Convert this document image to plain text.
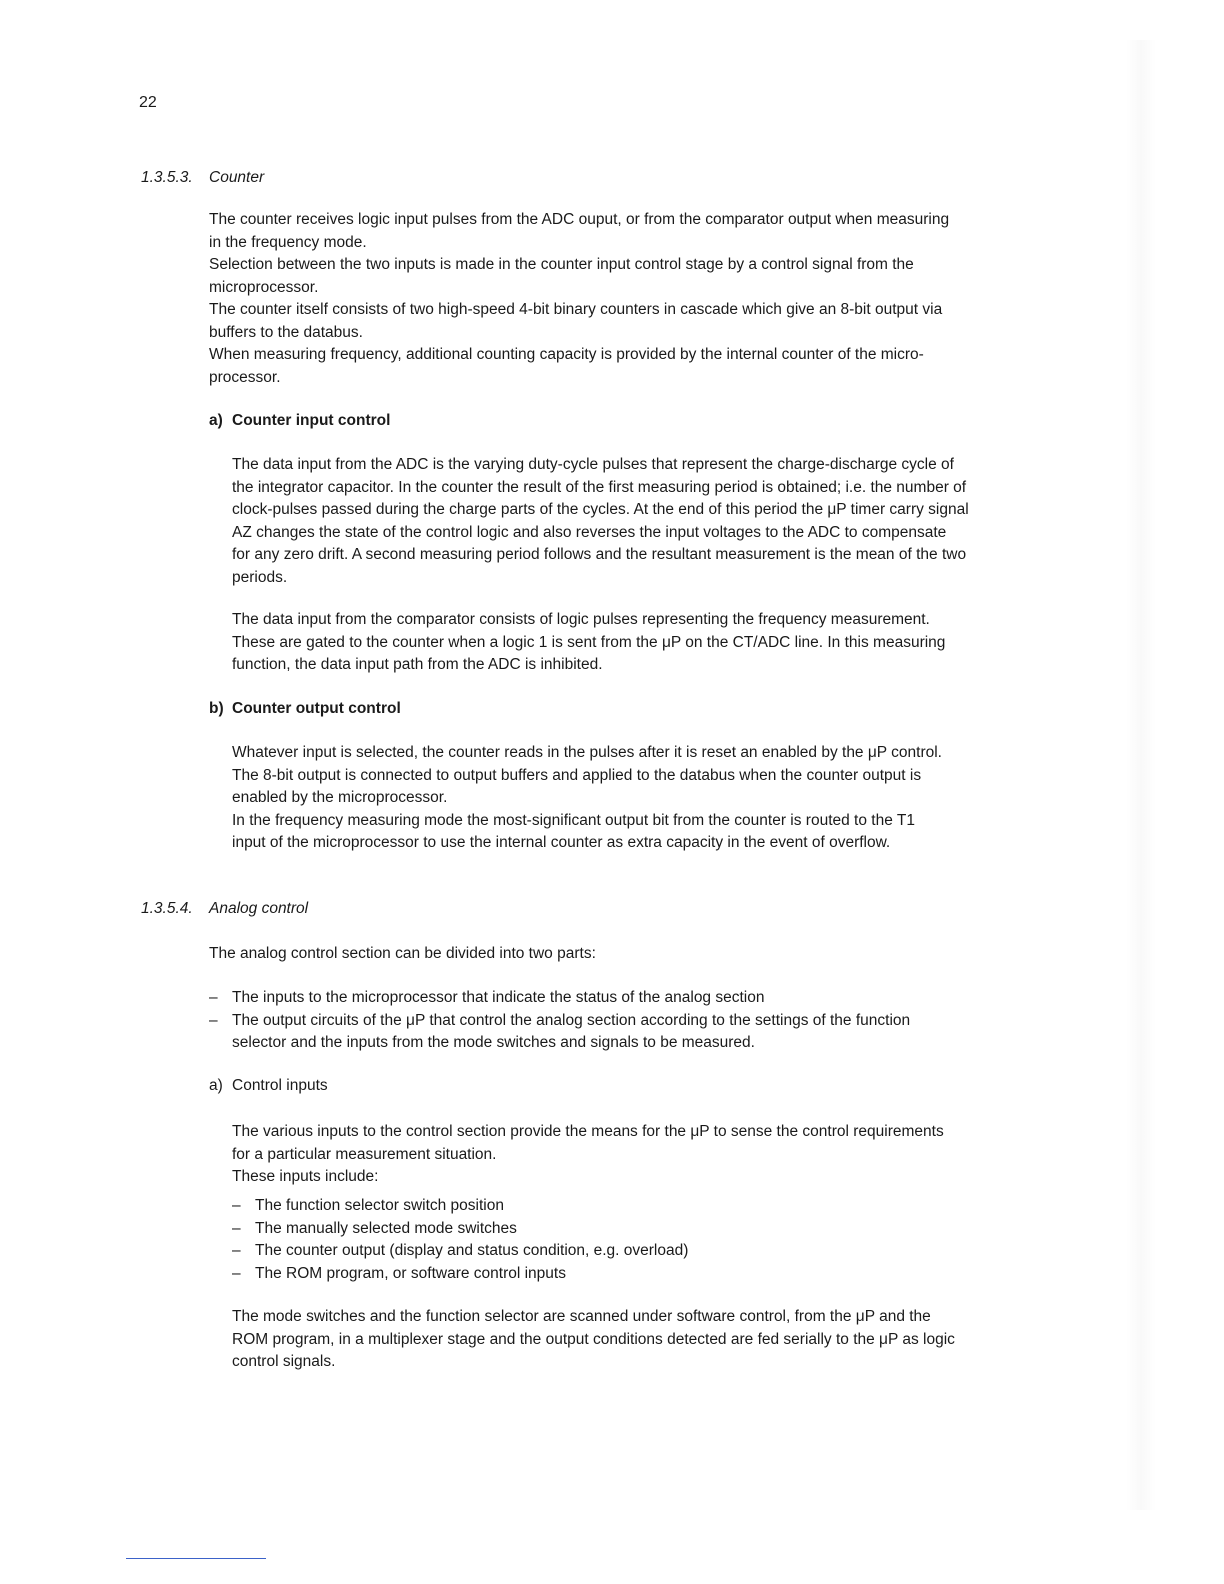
22
1.3.5.3. Counter
The counter receives logic input pulses from the ADC ouput, or from the comparator output when measuring
in the frequency mode.
Selection between the two inputs is made in the counter input control stage by a control signal from the
microprocessor.
The counter itself consists of two high-speed 4-bit binary counters in cascade which give an 8-bit output via
buffers to the databus.
When measuring frequency, additional counting capacity is provided by the internal counter of the micro-
processor.
a) Counter input control
The data input from the ADC is the varying duty-cycle pulses that represent the charge-discharge cycle of
the integrator capacitor. In the counter the result of the first measuring period is obtained; i.e. the number of
clock-pulses passed during the charge parts of the cycles. At the end of this period the μP timer carry signal
AZ changes the state of the control logic and also reverses the input voltages to the ADC to compensate
for any zero drift. A second measuring period follows and the resultant measurement is the mean of the two
periods.
The data input from the comparator consists of logic pulses representing the frequency measurement.
These are gated to the counter when a logic 1 is sent from the μP on the CT/ADC line. In this measuring
function, the data input path from the ADC is inhibited.
b) Counter output control
Whatever input is selected, the counter reads in the pulses after it is reset an enabled by the μP control.
The 8-bit output is connected to output buffers and applied to the databus when the counter output is
enabled by the microprocessor.
In the frequency measuring mode the most-significant output bit from the counter is routed to the T1
input of the microprocessor to use the internal counter as extra capacity in the event of overflow.
1.3.5.4. Analog control
The analog control section can be divided into two parts:
– The inputs to the microprocessor that indicate the status of the analog section
– The output circuits of the μP that control the analog section according to the settings of the function
selector and the inputs from the mode switches and signals to be measured.
a) Control inputs
The various inputs to the control section provide the means for the μP to sense the control requirements
for a particular measurement situation.
These inputs include:
– The function selector switch position
– The manually selected mode switches
– The counter output (display and status condition, e.g. overload)
– The ROM program, or software control inputs
The mode switches and the function selector are scanned under software control, from the μP and the
ROM program, in a multiplexer stage and the output conditions detected are fed serially to the μP as logic
control signals.
